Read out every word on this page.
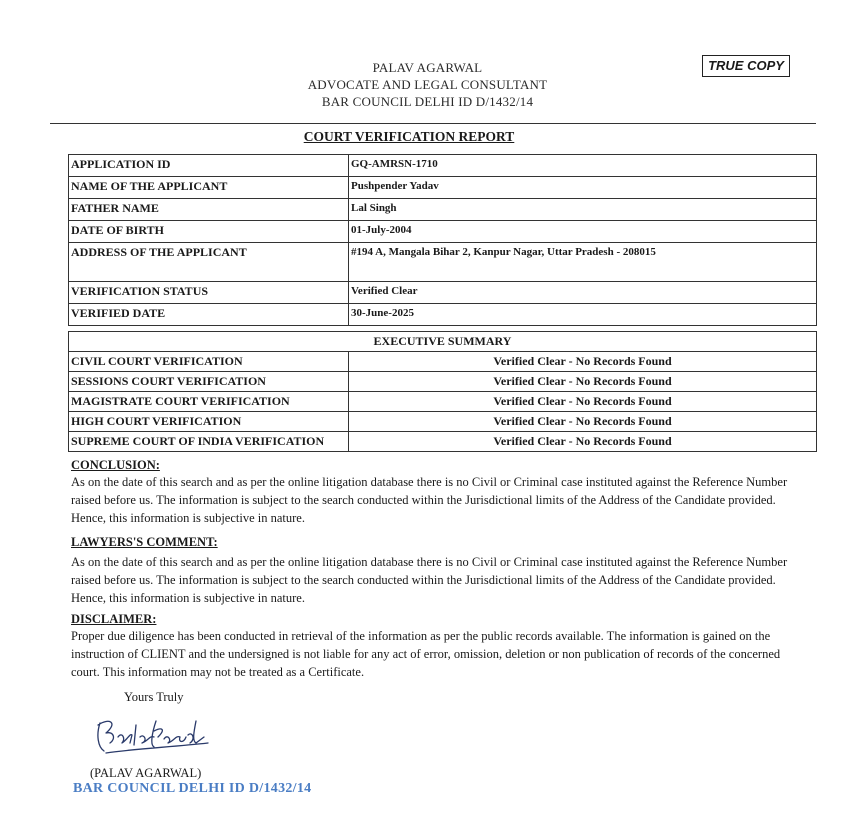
PALAV AGARWAL
ADVOCATE AND LEGAL CONSULTANT
BAR COUNCIL DELHI ID D/1432/14
TRUE COPY
COURT VERIFICATION REPORT
APPLICATION ID	GQ-AMRSN-1710
NAME OF THE APPLICANT	Pushpender Yadav
FATHER NAME	Lal Singh
DATE OF BIRTH	01-July-2004
ADDRESS OF THE APPLICANT	#194 A, Mangala Bihar 2, Kanpur Nagar, Uttar Pradesh - 208015
VERIFICATION STATUS	Verified Clear
VERIFIED DATE	30-June-2025
EXECUTIVE SUMMARY	
CIVIL COURT VERIFICATION	Verified Clear - No Records Found
SESSIONS COURT VERIFICATION	Verified Clear - No Records Found
MAGISTRATE COURT VERIFICATION	Verified Clear - No Records Found
HIGH COURT VERIFICATION	Verified Clear - No Records Found
SUPREME COURT OF INDIA VERIFICATION	Verified Clear - No Records Found
CONCLUSION:
As on the date of this search and as per the online litigation database there is no Civil or Criminal case instituted against the Reference Number raised before us. The information is subject to the search conducted within the Jurisdictional limits of the Address of the Candidate provided. Hence, this information is subjective in nature.
LAWYERS'S COMMENT:
As on the date of this search and as per the online litigation database there is no Civil or Criminal case instituted against the Reference Number raised before us. The information is subject to the search conducted within the Jurisdictional limits of the Address of the Candidate provided. Hence, this information is subjective in nature.
DISCLAIMER:
Proper due diligence has been conducted in retrieval of the information as per the public records available. The information is gained on the instruction of CLIENT and the undersigned is not liable for any act of error, omission, deletion or non publication of records of the concerned court. This information may not be treated as a Certificate.
Yours Truly
(PALAV AGARWAL)
BAR COUNCIL DELHI ID D/1432/14
